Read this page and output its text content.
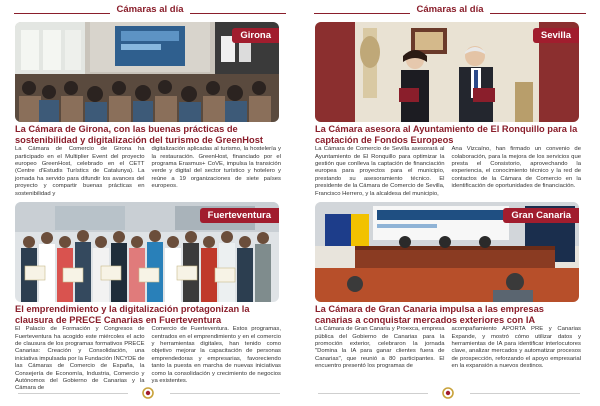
Cámaras al día
Girona
La Cámara de Girona, con las buenas prácticas de sostenibilidad y digitalización del turismo de GreenHost

La Cámara de Comercio de Girona ha participado en el Multiplier Event del proyecto europeo GreenHost, celebrado en el CETT (Centre d'Estudis Turístics de Catalunya). La jornada ha servido para difundir los avances del proyecto y compartir buenas prácticas en sostenibilidad y

digitalización aplicadas al turismo, la hostelería y la restauración. GreenHost, financiado por el programa Erasmus+ CoVE, impulsa la transición verde y digital del sector turístico y hotelero y reúne a 19 organizaciones de siete países europeos.

Fuerteventura
El emprendimiento y la digitalización protagonizan la clausura de PRECE Canarias en Fuerteventura

El Palacio de Formación y Congresos de Fuerteventura ha acogido este miércoles el acto de clausura de los programas formativos PRECE Canarias: Creación y Consolidación, una iniciativa impulsada por la Fundación INCYDE de las Cámaras de Comercio de España, la Consejería de Economía, Industria, Comercio y Autónomos del Gobierno de Canarias y la Cámara de

Comercio de Fuerteventura. Estos programas, centrados en el emprendimiento y en el comercio y herramientas digitales, han tenido como objetivo mejorar la capacitación de personas emprendedoras y empresarias, favoreciendo tanto la puesta en marcha de nuevas iniciativas como la consolidación y crecimiento de negocios ya existentes.

Cámaras al día
Sevilla
La Cámara asesora al Ayuntamiento de El Ronquillo para la captación de Fondos Europeos

La Cámara de Comercio de Sevilla asesorará al Ayuntamiento de El Ronquillo para optimizar la gestión que conlleva la captación de financiación europea para proyectos para el municipio, prestando su asesoramiento técnico. El presidente de la Cámara de Comercio de Sevilla, Francisco Herrero, y la alcaldesa del municipio,

Ana Vizcaíno, han firmado un convenio de colaboración, para la mejora de los servicios que presta el Consistorio, aprovechando la experiencia, el conocimiento técnico y la red de contactos de la Cámara de Comercio en la identificación de oportunidades de financiación.

Gran Canaria
La Cámara de Gran Canaria impulsa a las empresas canarias a conquistar mercados exteriores con IA

La Cámara de Gran Canaria y Proexca, empresa pública del Gobierno de Canarias para la promoción exterior, celebraron la jornada "Domina la IA para ganar clientes fuera de Canarias", que reunió a 80 participantes. El encuentro presentó los programas de

acompañamiento APORTA PRE y Canarias Expande, y mostró cómo utilizar datos y herramientas de IA para identificar interlocutores clave, analizar mercados y automatizar procesos de prospección, reforzando el apoyo empresarial en la expansión a nuevos destinos.
